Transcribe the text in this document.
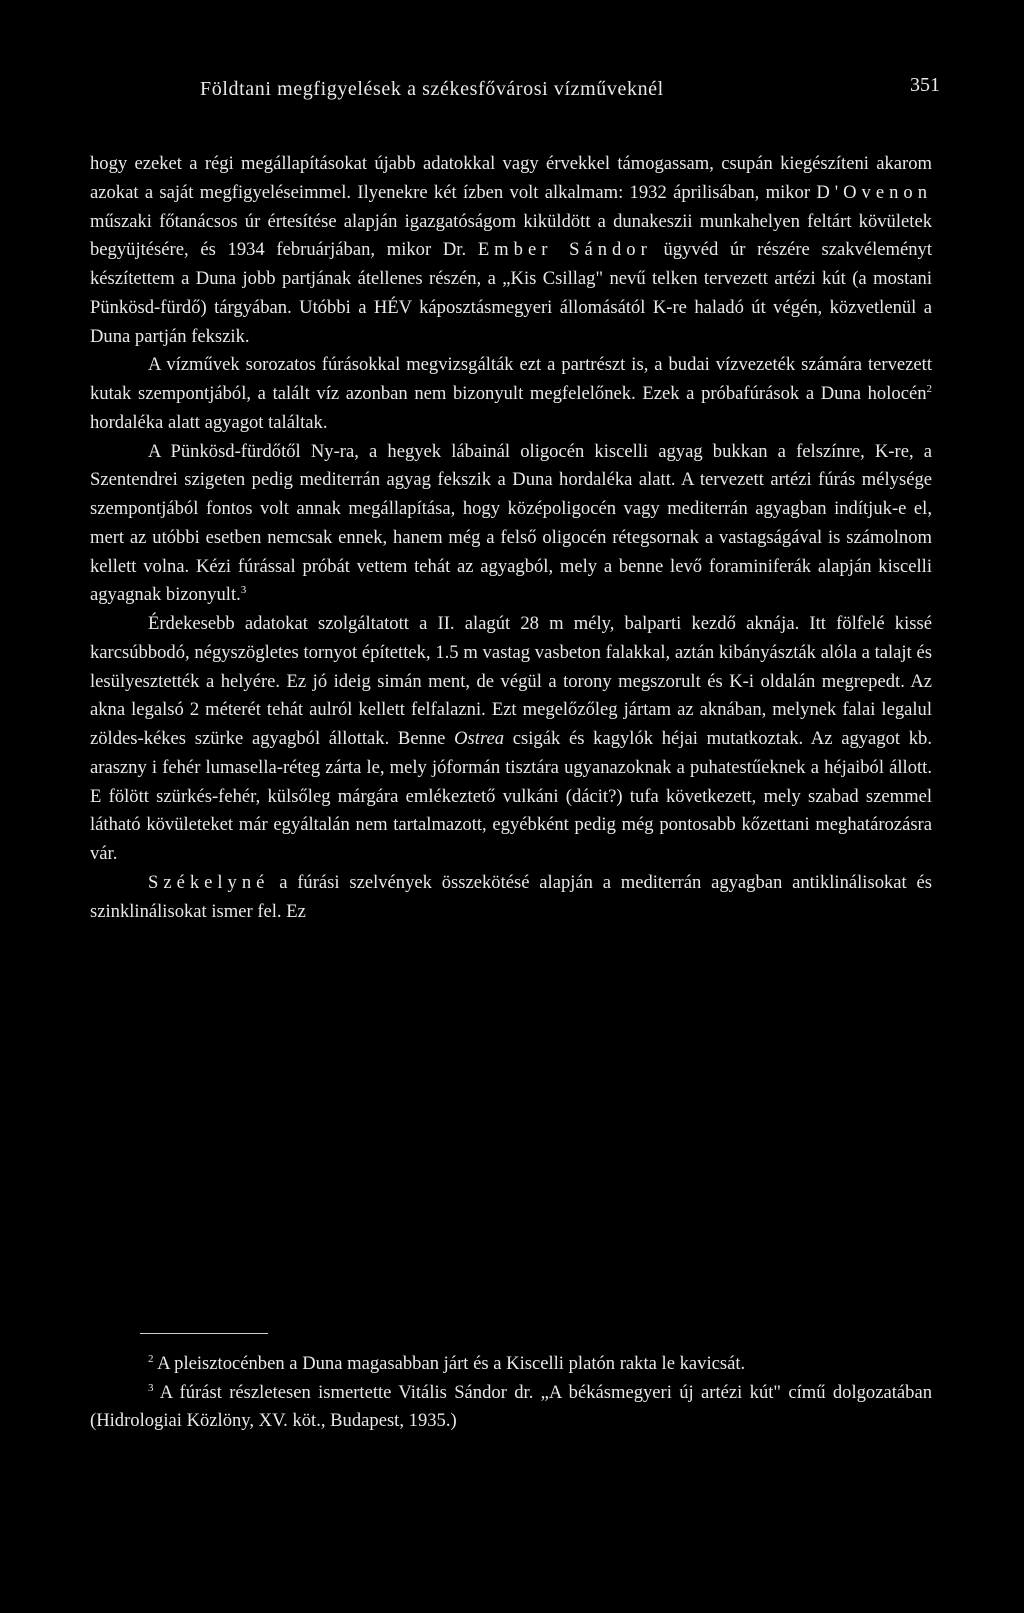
Földtani megfigyelések a székesfővárosi vízműveknél	351

hogy ezeket a régi megállapításokat újabb adatokkal vagy érvekkel támogassam, csupán kiegészíteni akarom azokat a saját megfigyeléseimmel. Ilyenekre két ízben volt alkalmam: 1932 áprilisában, mikor D'Ovenon műszaki főtanácsos úr értesítése alapján igazgatóságom kiküldött a dunakeszii munkahelyen feltárt kövületek begyüjtésére, és 1934 februárjában, mikor Dr. Ember Sándor ügyvéd úr részére szakvéleményt készítettem a Duna jobb partjának átellenes részén, a „Kis Csillag" nevű telken tervezett artézi kút (a mostani Pünkösd-fürdő) tárgyában. Utóbbi a HÉV káposztásmegyeri állomásától K-re haladó út végén, közvetlenül a Duna partján fekszik.

A vízművek sorozatos fúrásokkal megvizsgálták ezt a partrészt is, a budai vízvezeték számára tervezett kutak szempontjából, a talált víz azonban nem bizonyult megfelelőnek. Ezek a próbafúrások a Duna holocén$^2$ hordaléka alatt agyagot találtak.

A Pünkösd-fürdőtől Ny-ra, a hegyek lábainál oligocén kiscelli agyag bukkan a felszínre, K-re, a Szentendrei szigeten pedig mediterrán agyag fekszik a Duna hordaléka alatt. A tervezett artézi fúrás mélysége szempontjából fontos volt annak megállapítása, hogy középoligocén vagy mediterrán agyagban indítjuk-e el, mert az utóbbi esetben nemcsak ennek, hanem még a felső oligocén rétegsornak a vastagságával is számolnom kellett volna. Kézi fúrással próbát vettem tehát az agyagból, mely a benne levő foraminiferák alapján kiscelli agyagnak bizonyult.$^3$

Érdekesebb adatokat szolgáltatott a II. alagút 28 m mély, balparti kezdő aknája. Itt fölfelé kissé karcsúbbodó, négyszögletes tornyot építettek, 1.5 m vastag vasbeton falakkal, aztán kibányászták alóla a talajt és lesülyesztették a helyére. Ez jó ideig simán ment, de végül a torony megszorult és K-i oldalán megrepedt. Az akna legalsó 2 méterét tehát aulról kellett felfalazni. Ezt megelőzőleg jártam az aknában, melynek falai legalul zöldes-kékes szürke agyagból állottak. Benne Ostrea csigák és kagylók héjai mutatkoztak. Az agyagot kb. araszny i fehér lumasella-réteg zárta le, mely jóformán tisztára ugyanazoknak a puhatestűeknek a héjaiból állott. E fölött szürkés-fehér, külsőleg márgára emlékeztető vulkáni (dácit?) tufa következett, mely szabad szemmel látható kövületeket már egyáltalán nem tartalmazott, egyébként pedig még pontosabb kőzettani meghatározásra vár.

Székelyné a fúrási szelvények összekötésé alapján a mediterrán agyagban antiklinálisokat és szinklinálisokat ismer fel. Ez

$^2$ A pleisztocénben a Duna magasabban járt és a Kiscelli platón rakta le kavicsát.

$^3$ A fúrást részletesen ismertette Vitális Sándor dr. „A békásmegyeri új artézi kút" című dolgozatában (Hidrologiai Közlöny, XV. köt., Budapest, 1935.)
